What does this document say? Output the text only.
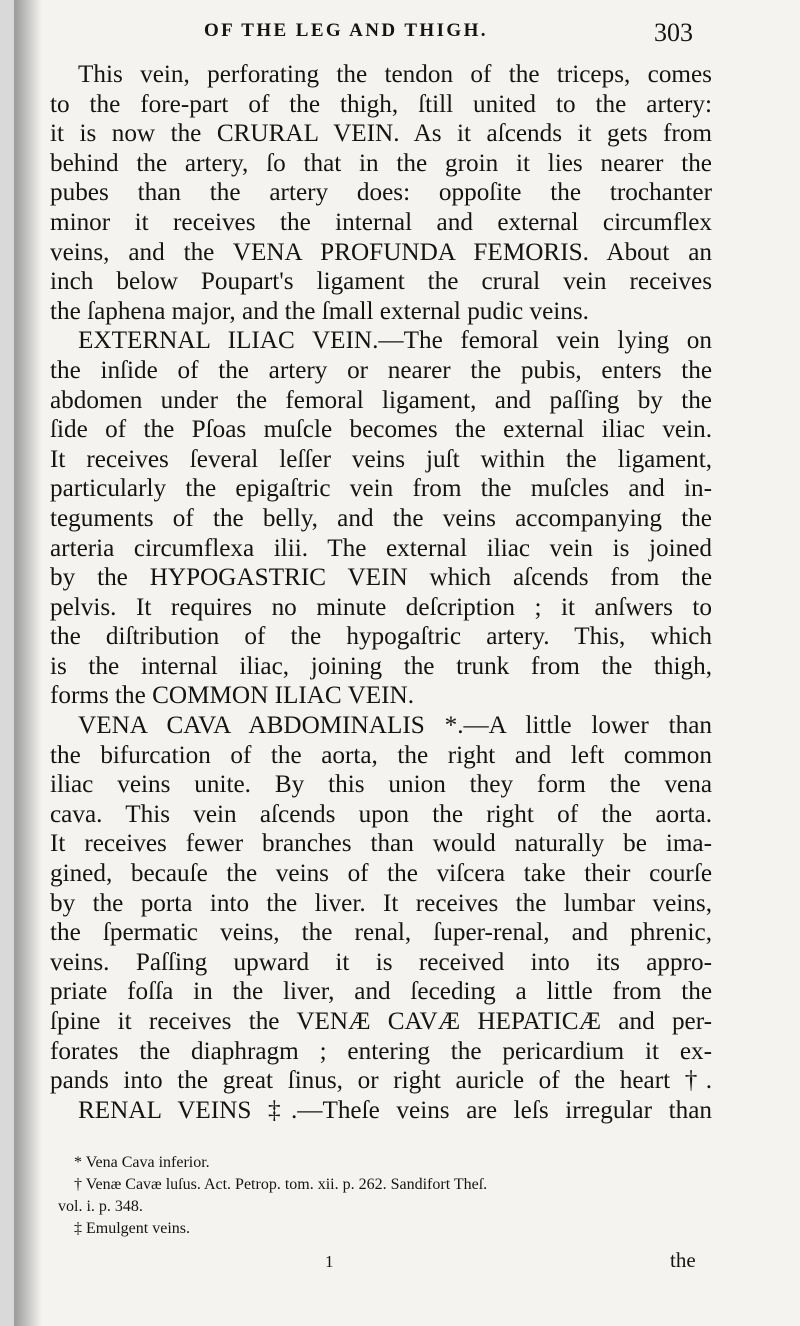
OF THE LEG AND THIGH.	303
This vein, perforating the tendon of the triceps, comes
to the fore-part of the thigh, ſtill united to the artery:
it is now the CRURAL VEIN. As it aſcends it gets from
behind the artery, ſo that in the groin it lies nearer the
pubes than the artery does: oppoſite the trochanter
minor it receives the internal and external circumflex
veins, and the VENA PROFUNDA FEMORIS. About an
inch below Poupart's ligament the crural vein receives
the ſaphena major, and the ſmall external pudic veins.
EXTERNAL ILIAC VEIN.—The femoral vein lying on
the inſide of the artery or nearer the pubis, enters the
abdomen under the femoral ligament, and paſſing by the
ſide of the Pſoas muſcle becomes the external iliac vein.
It receives ſeveral leſſer veins juſt within the ligament,
particularly the epigaſtric vein from the muſcles and in-
teguments of the belly, and the veins accompanying the
arteria circumflexa ilii. The external iliac vein is joined
by the HYPOGASTRIC VEIN which aſcends from the
pelvis. It requires no minute deſcription ; it anſwers to
the diſtribution of the hypogaſtric artery. This, which
is the internal iliac, joining the trunk from the thigh,
forms the COMMON ILIAC VEIN.
VENA CAVA ABDOMINALIS *.—A little lower than
the bifurcation of the aorta, the right and left common
iliac veins unite. By this union they form the vena
cava. This vein aſcends upon the right of the aorta.
It receives fewer branches than would naturally be ima-
gined, becauſe the veins of the viſcera take their courſe
by the porta into the liver. It receives the lumbar veins,
the ſpermatic veins, the renal, ſuper-renal, and phrenic,
veins. Paſſing upward it is received into its appro-
priate foſſa in the liver, and ſeceding a little from the
ſpine it receives the VENÆ CAVÆ HEPATICÆ and per-
forates the diaphragm ; entering the pericardium it ex-
pands into the great ſinus, or right auricle of the heart †.
RENAL VEINS ‡.—Theſe veins are leſs irregular than
* Vena Cava inferior.
† Venæ Cavæ luſus. Act. Petrop. tom. xii. p. 262. Sandifort Theſ.
vol. i. p. 348.
‡ Emulgent veins.
1	the
